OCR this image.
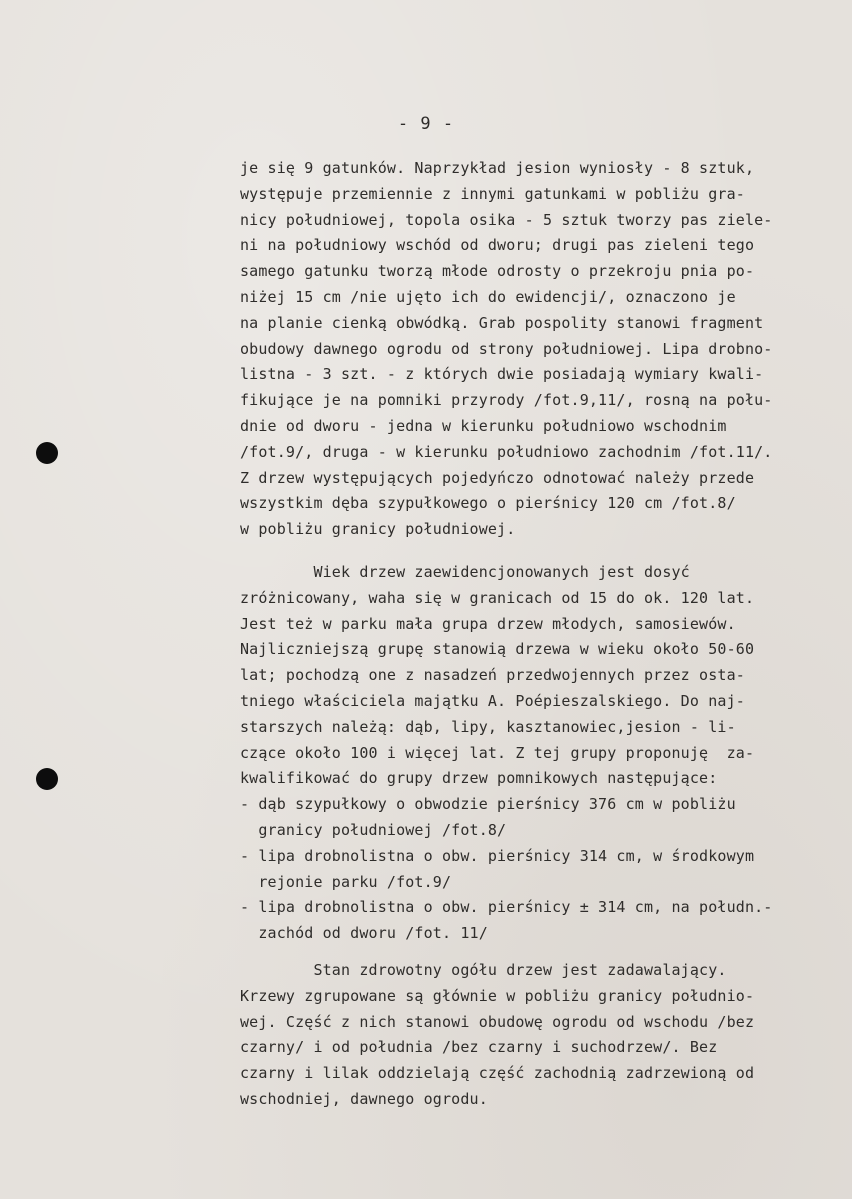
- 9 -

je się 9 gatunków. Naprzykład jesion wyniosły - 8 sztuk,
występuje przemiennie z innymi gatunkami w pobliżu gra-
nicy południowej, topola osika - 5 sztuk tworzy pas ziele-
ni na południowy wschód od dworu; drugi pas zieleni tego
samego gatunku tworzą młode odrosty o przekroju pnia po-
niżej 15 cm /nie ujęto ich do ewidencji/, oznaczono je
na planie cienką obwódką. Grab pospolity stanowi fragment
obudowy dawnego ogrodu od strony południowej. Lipa drobno-
listna - 3 szt. - z których dwie posiadają wymiary kwali-
fikujące je na pomniki przyrody /fot.9,11/, rosną na połu-
dnie od dworu - jedna w kierunku południowo wschodnim
/fot.9/, druga - w kierunku południowo zachodnim /fot.11/.
Z drzew występujących pojedyńczo odnotować należy przede
wszystkim dęba szypułkowego o pierśnicy 120 cm /fot.8/
w pobliżu granicy południowej.
Wiek drzew zaewidencjonowanych jest dosyć
zróżnicowany, waha się w granicach od 15 do ok. 120 lat.
Jest też w parku mała grupa drzew młodych, samosiewów.
Najliczniejszą grupę stanowią drzewa w wieku około 50-60
lat; pochodzą one z nasadzeń przedwojennych przez osta-
tniego właściciela majątku A. Poépieszalskiego. Do naj-
starszych należą: dąb, lipy, kasztanowiec,jesion - li-
czące około 100 i więcej lat. Z tej grupy proponuję  za-
kwalifikować do grupy drzew pomnikowych następujące:
- dąb szypułkowy o obwodzie pierśnicy 376 cm w pobliżu
granicy południowej /fot.8/
- lipa drobnolistna o obw. pierśnicy 314 cm, w środkowym
rejonie parku /fot.9/
- lipa drobnolistna o obw. pierśnicy ± 314 cm, na połudn.-
zachód od dworu /fot. 11/
Stan zdrowotny ogółu drzew jest zadawalający.
Krzewy zgrupowane są głównie w pobliżu granicy południo-
wej. Część z nich stanowi obudowę ogrodu od wschodu /bez
czarny/ i od południa /bez czarny i suchodrzew/. Bez
czarny i lilak oddzielają część zachodnią zadrzewioną od
wschodniej, dawnego ogrodu.
